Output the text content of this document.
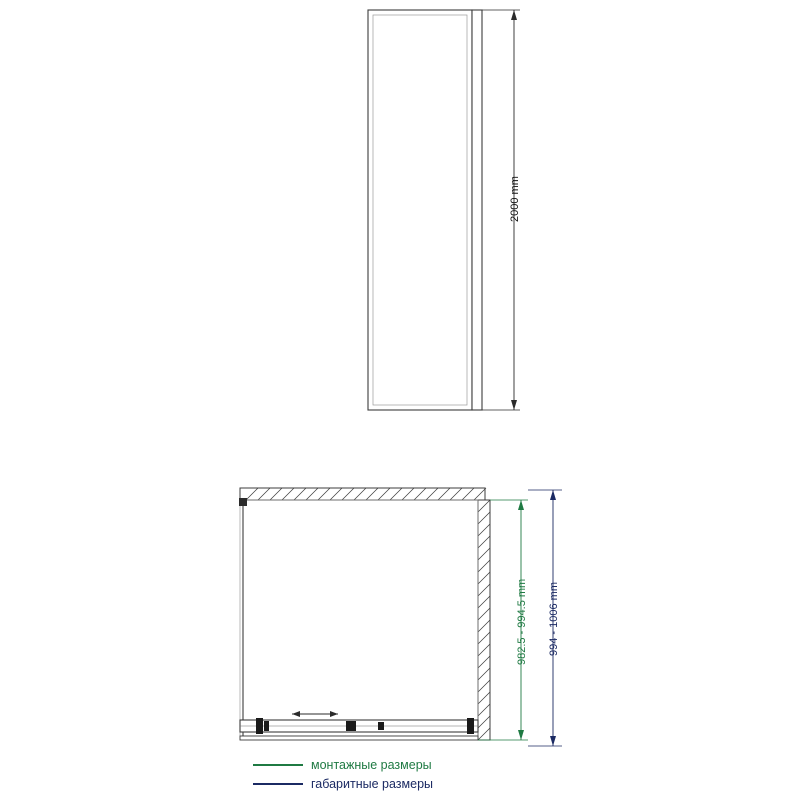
2000 mm
982.5 - 994.5 mm 994 - 1006 mm
монтажные размеры
габаритные размеры
